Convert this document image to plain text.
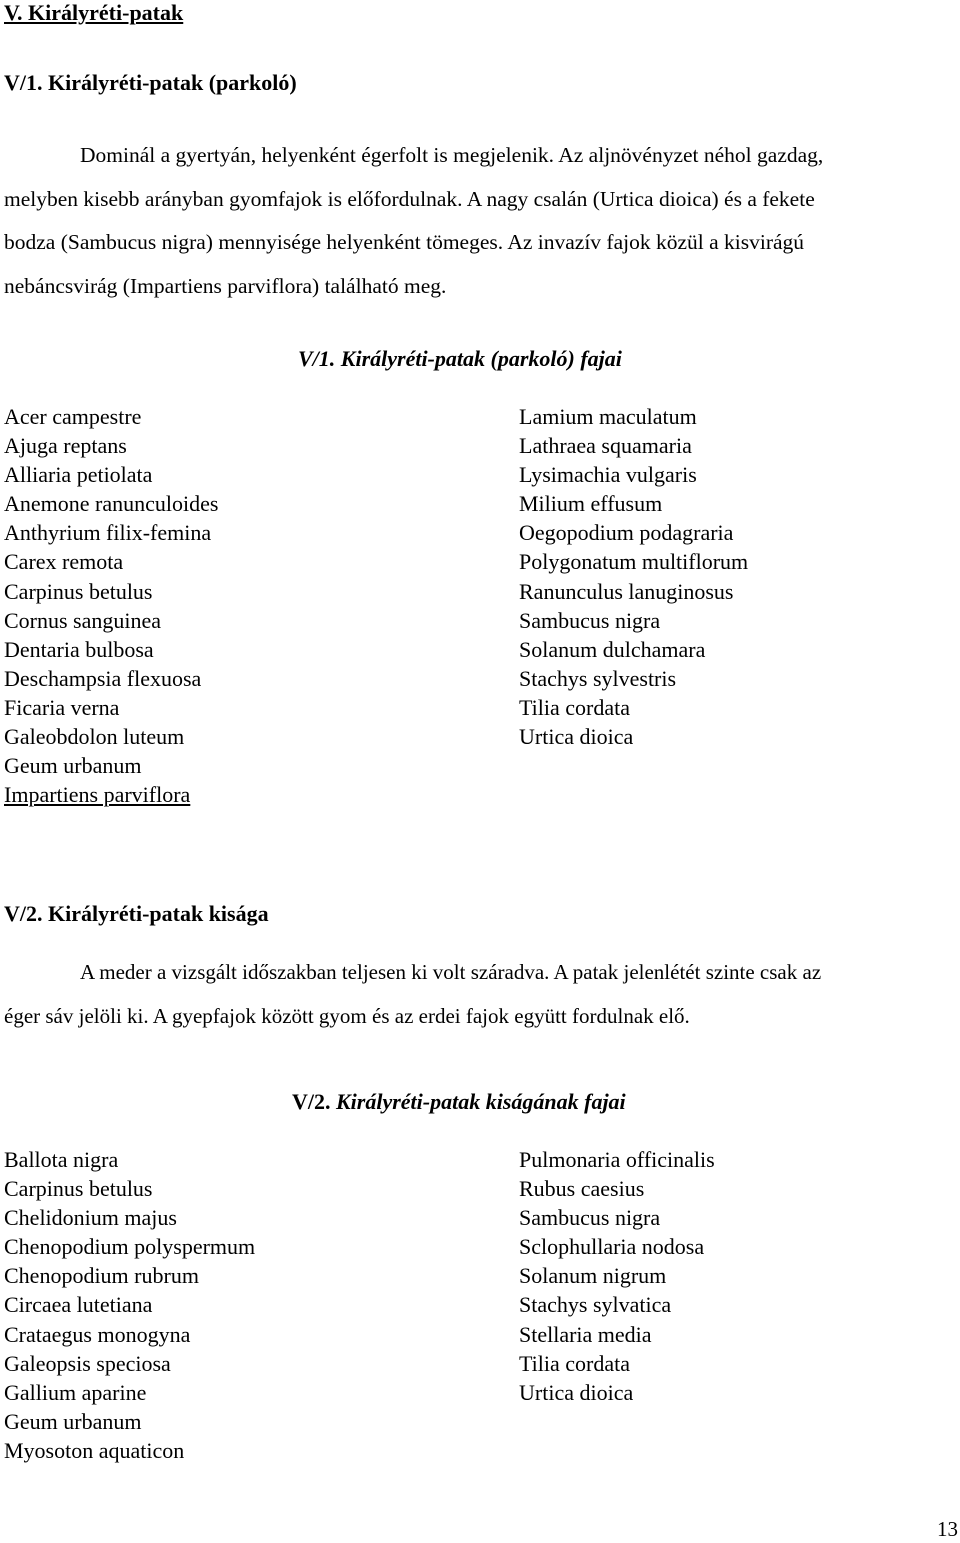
V. Királyréti-patak
V/1. Királyréti-patak (parkoló)
Dominál a gyertyán, helyenként égerfolt is megjelenik. Az aljnövényzet néhol gazdag,
melyben kisebb arányban gyomfajok is előfordulnak. A nagy csalán (Urtica dioica) és a fekete
bodza (Sambucus nigra) mennyisége helyenként tömeges. Az invazív fajok közül a kisvirágú
nebáncsvirág (Impartiens parviflora) található meg.
V/1. Királyréti-patak (parkoló) fajai
Acer campestre
Ajuga reptans
Alliaria petiolata
Anemone ranunculoides
Anthyrium filix-femina
Carex remota
Carpinus betulus
Cornus sanguinea
Dentaria bulbosa
Deschampsia flexuosa
Ficaria verna
Galeobdolon luteum
Geum urbanum
Impartiens parviflora
Lamium maculatum
Lathraea squamaria
Lysimachia vulgaris
Milium effusum
Oegopodium podagraria
Polygonatum multiflorum
Ranunculus lanuginosus
Sambucus nigra
Solanum dulchamara
Stachys sylvestris
Tilia cordata
Urtica dioica
V/2. Királyréti-patak kisága
A meder a vizsgált időszakban teljesen ki volt száradva. A patak jelenlétét szinte csak az
éger sáv jelöli ki. A gyepfajok között gyom és az erdei fajok együtt fordulnak elő.
V/2. Királyréti-patak kiságának fajai
Ballota nigra
Carpinus betulus
Chelidonium majus
Chenopodium polyspermum
Chenopodium rubrum
Circaea lutetiana
Crataegus monogyna
Galeopsis speciosa
Gallium aparine
Geum urbanum
Myosoton aquaticon
Pulmonaria officinalis
Rubus caesius
Sambucus nigra
Sclophullaria nodosa
Solanum nigrum
Stachys sylvatica
Stellaria media
Tilia cordata
Urtica dioica
13
